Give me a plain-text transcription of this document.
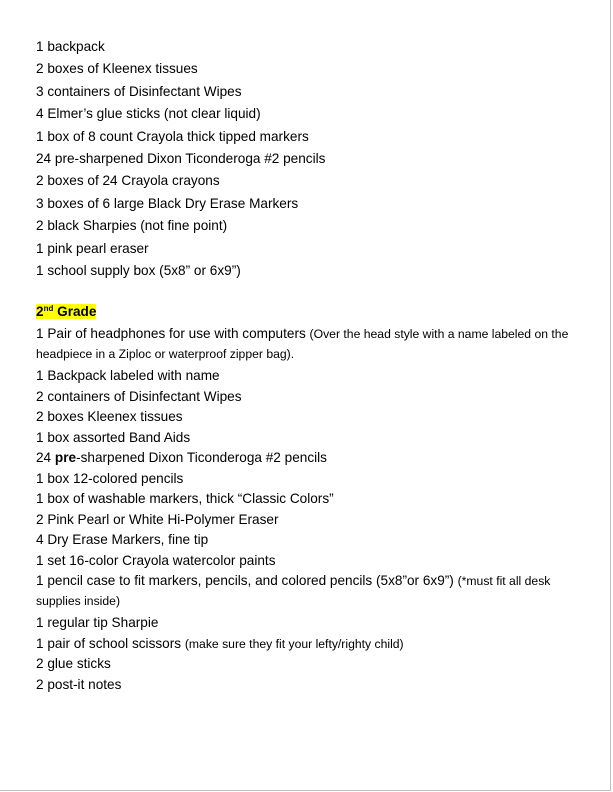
1 backpack
2 boxes of Kleenex tissues
3 containers of Disinfectant Wipes
4 Elmer’s glue sticks (not clear liquid)
1 box of 8 count Crayola thick tipped markers
24 pre-sharpened Dixon Ticonderoga #2 pencils
2 boxes of 24 Crayola crayons
3 boxes of 6 large Black Dry Erase Markers
2 black Sharpies (not fine point)
1 pink pearl eraser
1 school supply box (5x8” or 6x9”)
2nd Grade
1 Pair of headphones for use with computers (Over the head style with a name labeled on the headpiece in a Ziploc or waterproof zipper bag).
1 Backpack labeled with name
2 containers of Disinfectant Wipes
2 boxes Kleenex tissues
1 box assorted Band Aids
24 pre-sharpened Dixon Ticonderoga #2 pencils
1 box 12-colored pencils
1 box of washable markers, thick “Classic Colors”
2 Pink Pearl or White Hi-Polymer Eraser
4 Dry Erase Markers, fine tip
1 set 16-color Crayola watercolor paints
1 pencil case to fit markers, pencils, and colored pencils (5x8”or 6x9”) (*must fit all desk supplies inside)
1 regular tip Sharpie
1 pair of school scissors (make sure they fit your lefty/righty child)
2 glue sticks
2 post-it notes
